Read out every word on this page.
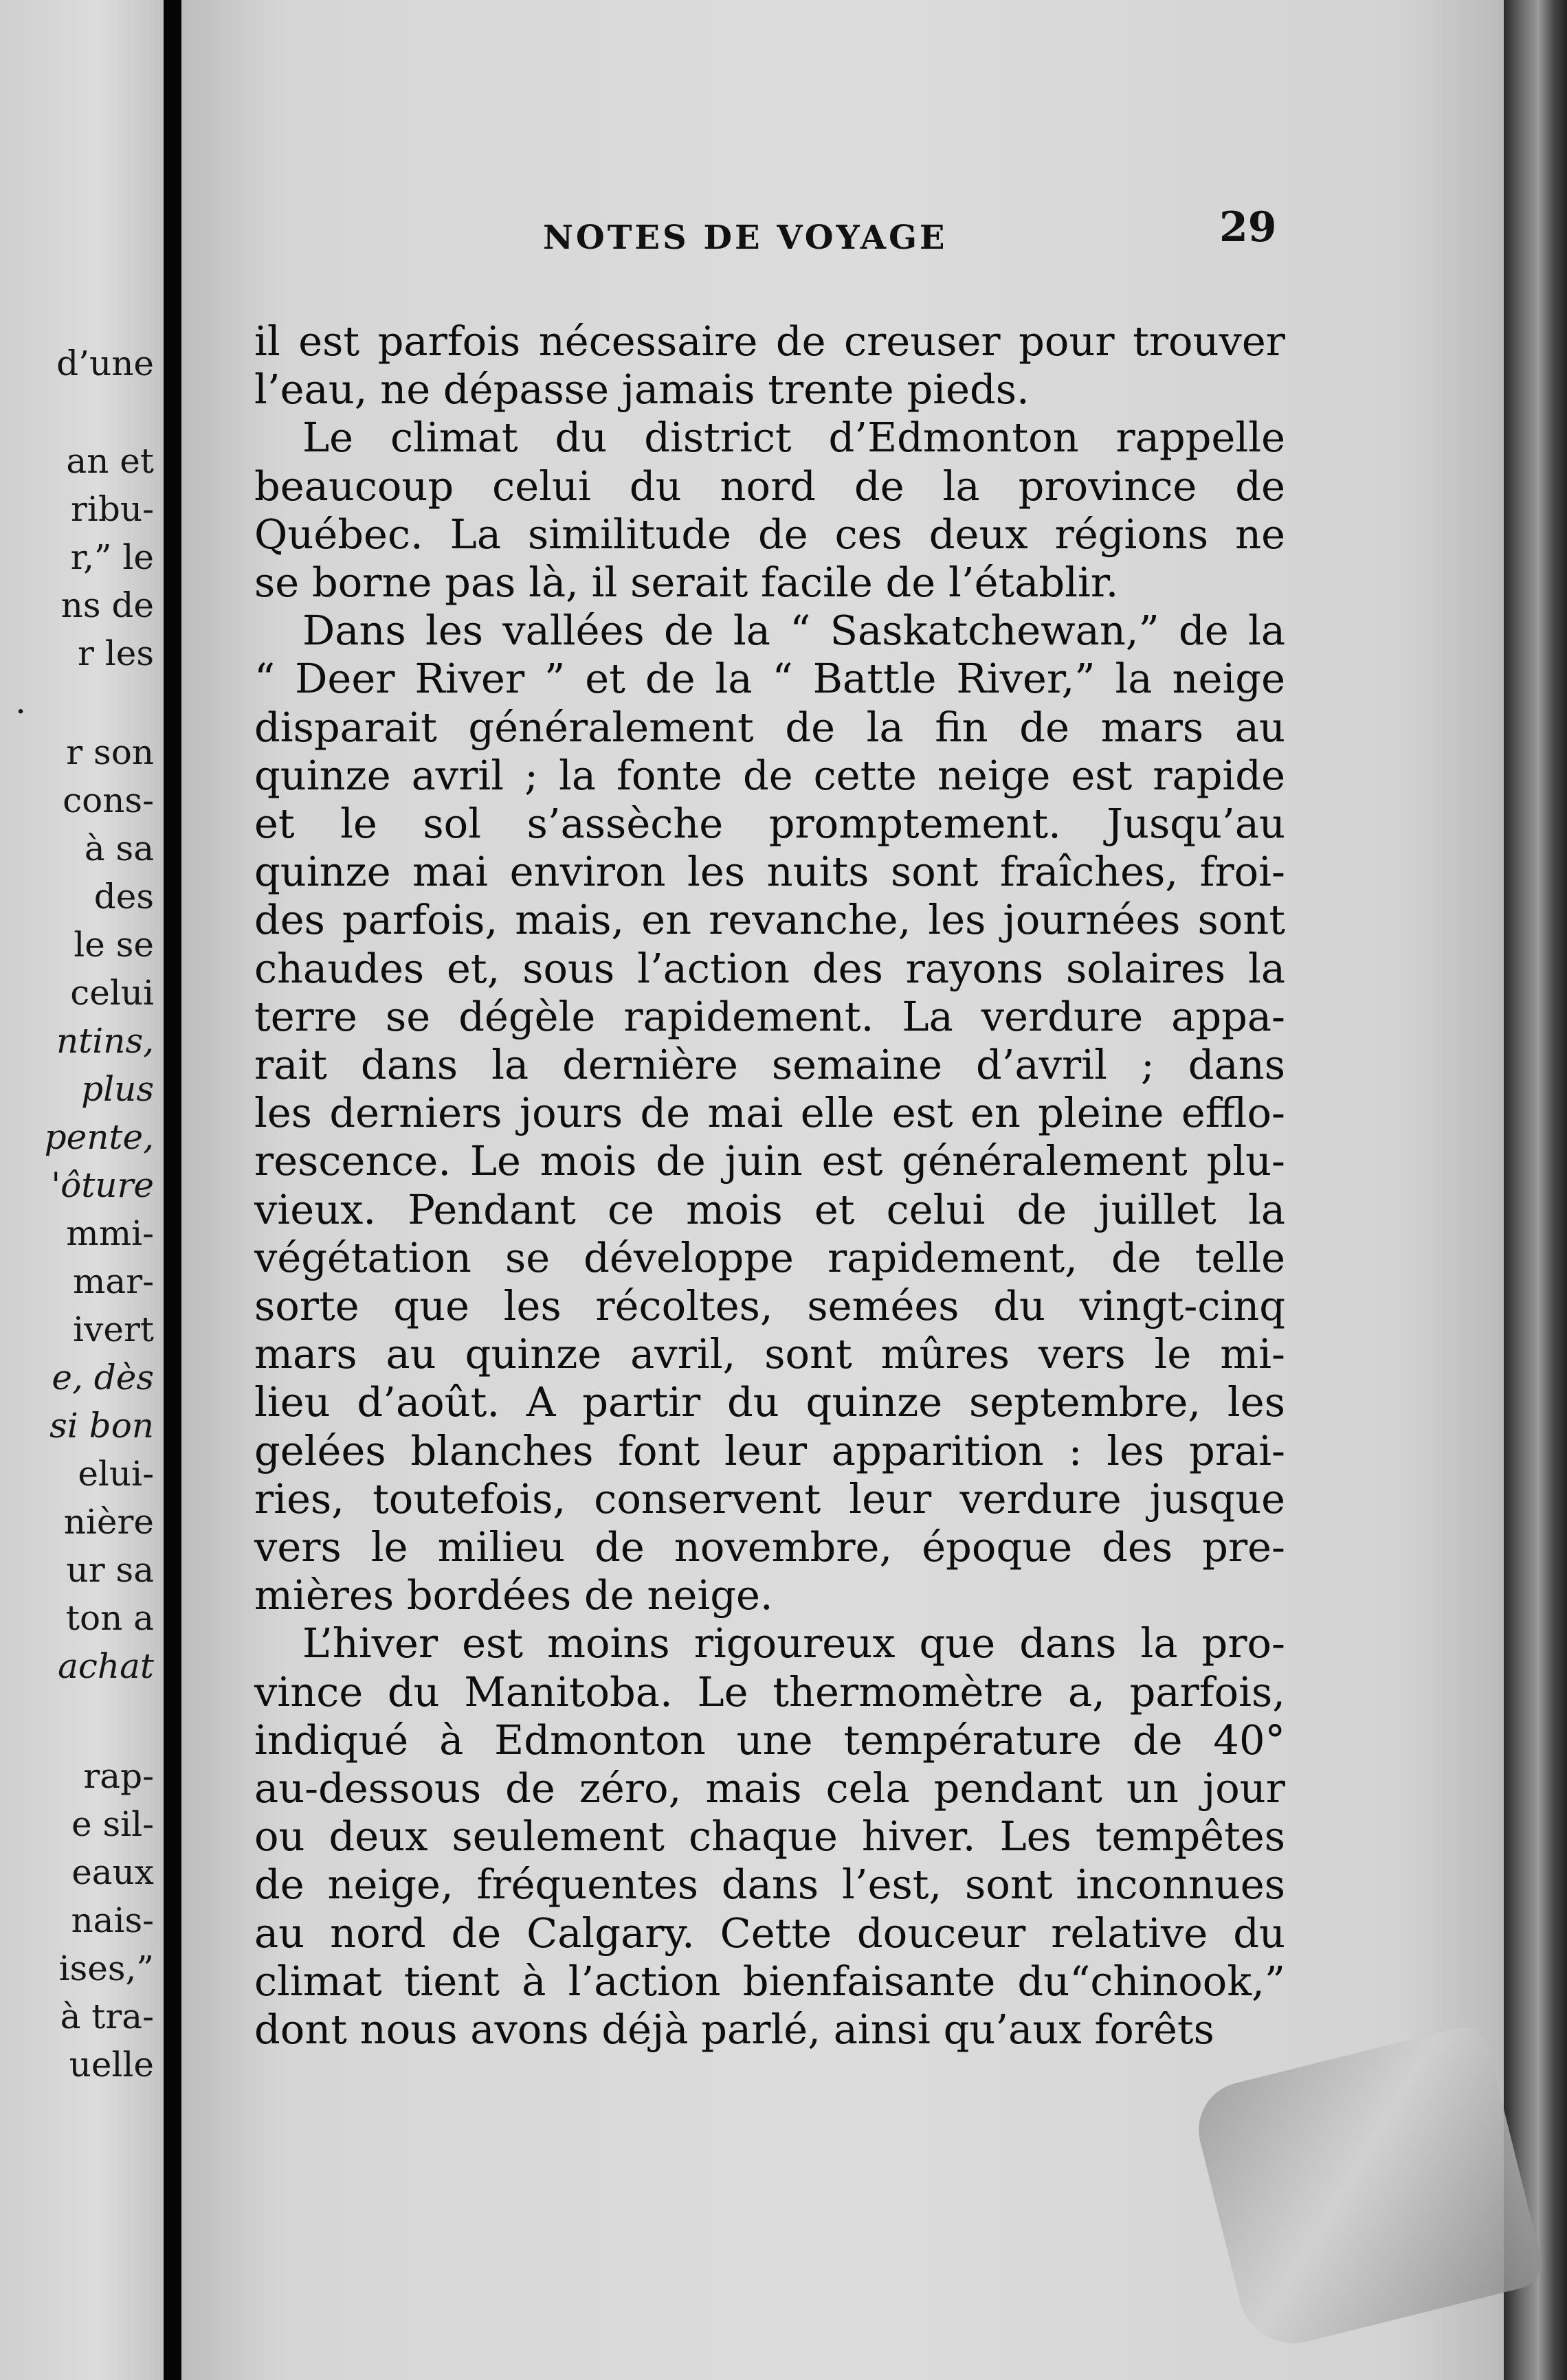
d’une
an et
ribu-
r,” le
ns de
r les
.
r son
cons-
à sa
des
le se
celui
ntins,
plus
pente,
'ôture
mmi-
mar-
ivert
e, dès
si bon
elui-
nière
ur sa
ton a
achat
rap-
e sil-
eaux
nais-
ises,”
à tra-
uelle
NOTES DE VOYAGE	29
il est parfois nécessaire de creuser pour trouver
l’eau, ne dépasse jamais trente pieds.
Le climat du district d’Edmonton rappelle
beaucoup celui du nord de la province de
Québec. La similitude de ces deux régions ne
se borne pas là, il serait facile de l’établir.
Dans les vallées de la “ Saskatchewan,” de la
“ Deer River ” et de la “ Battle River,” la neige
disparait généralement de la fin de mars au
quinze avril ; la fonte de cette neige est rapide
et le sol s’assèche promptement. Jusqu’au
quinze mai environ les nuits sont fraîches, froi-
des parfois, mais, en revanche, les journées sont
chaudes et, sous l’action des rayons solaires la
terre se dégèle rapidement. La verdure appa-
rait dans la dernière semaine d’avril ; dans
les derniers jours de mai elle est en pleine efflo-
rescence. Le mois de juin est généralement plu-
vieux. Pendant ce mois et celui de juillet la
végétation se développe rapidement, de telle
sorte que les récoltes, semées du vingt-cinq
mars au quinze avril, sont mûres vers le mi-
lieu d’août. A partir du quinze septembre, les
gelées blanches font leur apparition : les prai-
ries, toutefois, conservent leur verdure jusque
vers le milieu de novembre, époque des pre-
mières bordées de neige.
L’hiver est moins rigoureux que dans la pro-
vince du Manitoba. Le thermomètre a, parfois,
indiqué à Edmonton une température de 40°
au-dessous de zéro, mais cela pendant un jour
ou deux seulement chaque hiver. Les tempêtes
de neige, fréquentes dans l’est, sont inconnues
au nord de Calgary. Cette douceur relative du
climat tient à l’action bienfaisante du“chinook,”
dont nous avons déjà parlé, ainsi qu’aux forêts
